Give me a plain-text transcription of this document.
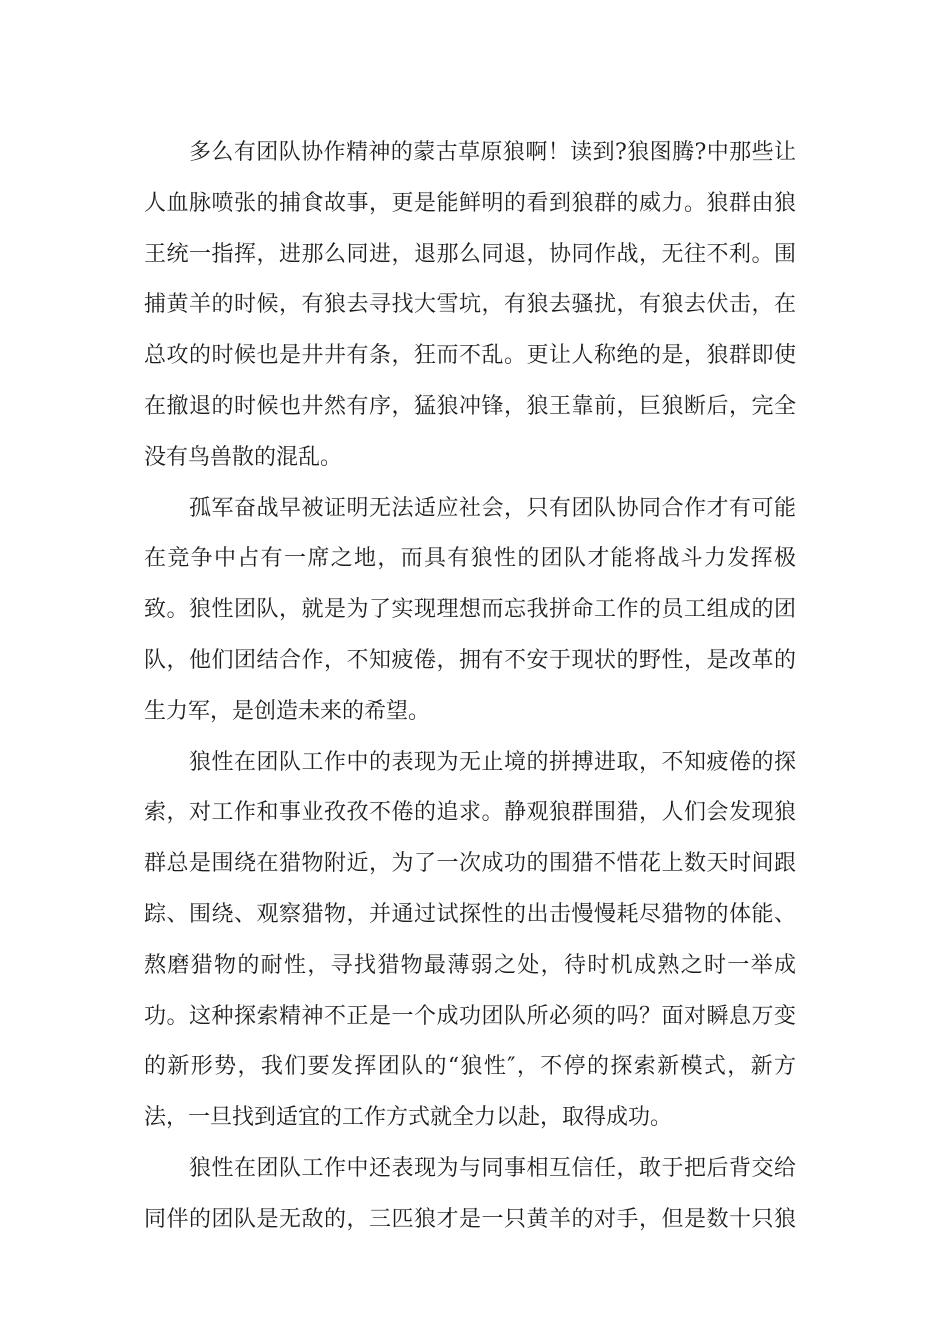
多么有团队协作精神的蒙古草原狼啊！读到?狼图腾?中那些让
人血脉喷张的捕食故事，更是能鲜明的看到狼群的威力。狼群由狼
王统一指挥，进那么同进，退那么同退，协同作战，无往不利。围
捕黄羊的时候，有狼去寻找大雪坑，有狼去骚扰，有狼去伏击，在
总攻的时候也是井井有条，狂而不乱。更让人称绝的是，狼群即使
在撤退的时候也井然有序，猛狼冲锋，狼王靠前，巨狼断后，完全
没有鸟兽散的混乱。
孤军奋战早被证明无法适应社会，只有团队协同合作才有可能
在竞争中占有一席之地，而具有狼性的团队才能将战斗力发挥极
致。狼性团队，就是为了实现理想而忘我拼命工作的员工组成的团
队，他们团结合作，不知疲倦，拥有不安于现状的野性，是改革的
生力军，是创造未来的希望。
狼性在团队工作中的表现为无止境的拼搏进取，不知疲倦的探
索，对工作和事业孜孜不倦的追求。静观狼群围猎，人们会发现狼
群总是围绕在猎物附近，为了一次成功的围猎不惜花上数天时间跟
踪、围绕、观察猎物，并通过试探性的出击慢慢耗尽猎物的体能、
熬磨猎物的耐性，寻找猎物最薄弱之处，待时机成熟之时一举成
功。这种探索精神不正是一个成功团队所必须的吗？面对瞬息万变
的新形势，我们要发挥团队的“狼性″，不停的探索新模式，新方
法，一旦找到适宜的工作方式就全力以赴，取得成功。
狼性在团队工作中还表现为与同事相互信任，敢于把后背交给
同伴的团队是无敌的，三匹狼才是一只黄羊的对手，但是数十只狼
